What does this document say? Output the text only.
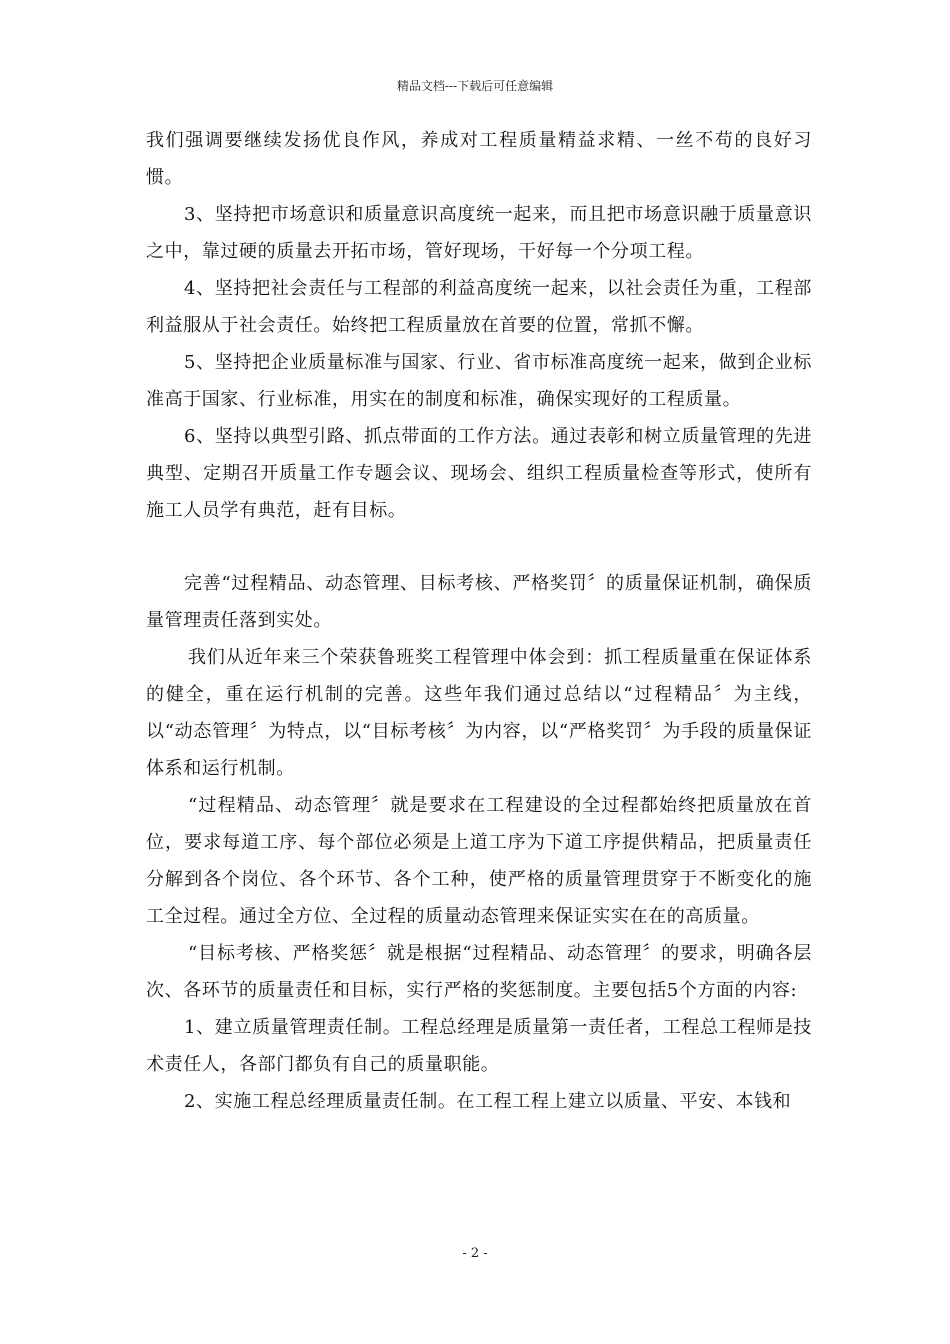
精品文档---下载后可任意编辑

我们强调要继续发扬优良作风，养成对工程质量精益求精、一丝不苟的良好习惯。

3、坚持把市场意识和质量意识高度统一起来，而且把市场意识融于质量意识之中，靠过硬的质量去开拓市场，管好现场，干好每一个分项工程。

4、坚持把社会责任与工程部的利益高度统一起来，以社会责任为重，工程部利益服从于社会责任。始终把工程质量放在首要的位置，常抓不懈。

5、坚持把企业质量标准与国家、行业、省市标准高度统一起来，做到企业标准高于国家、行业标准，用实在的制度和标准，确保实现好的工程质量。

6、坚持以典型引路、抓点带面的工作方法。通过表彰和树立质量管理的先进典型、定期召开质量工作专题会议、现场会、组织工程质量检查等形式，使所有施工人员学有典范，赶有目标。

完善“过程精品、动态管理、目标考核、严格奖罚〞的质量保证机制，确保质量管理责任落到实处。

我们从近年来三个荣获鲁班奖工程管理中体会到：抓工程质量重在保证体系的健全，重在运行机制的完善。这些年我们通过总结以“过程精品〞为主线，以“动态管理〞为特点，以“目标考核〞为内容，以“严格奖罚〞为手段的质量保证体系和运行机制。

“过程精品、动态管理〞就是要求在工程建设的全过程都始终把质量放在首位，要求每道工序、每个部位必须是上道工序为下道工序提供精品，把质量责任分解到各个岗位、各个环节、各个工种，使严格的质量管理贯穿于不断变化的施工全过程。通过全方位、全过程的质量动态管理来保证实实在在的高质量。

“目标考核、严格奖惩〞就是根据“过程精品、动态管理〞的要求，明确各层次、各环节的质量责任和目标，实行严格的奖惩制度。主要包括5个方面的内容:

1、建立质量管理责任制。工程总经理是质量第一责任者，工程总工程师是技术责任人，各部门都负有自己的质量职能。

2、实施工程总经理质量责任制。在工程工程上建立以质量、平安、本钱和

- 2 -
